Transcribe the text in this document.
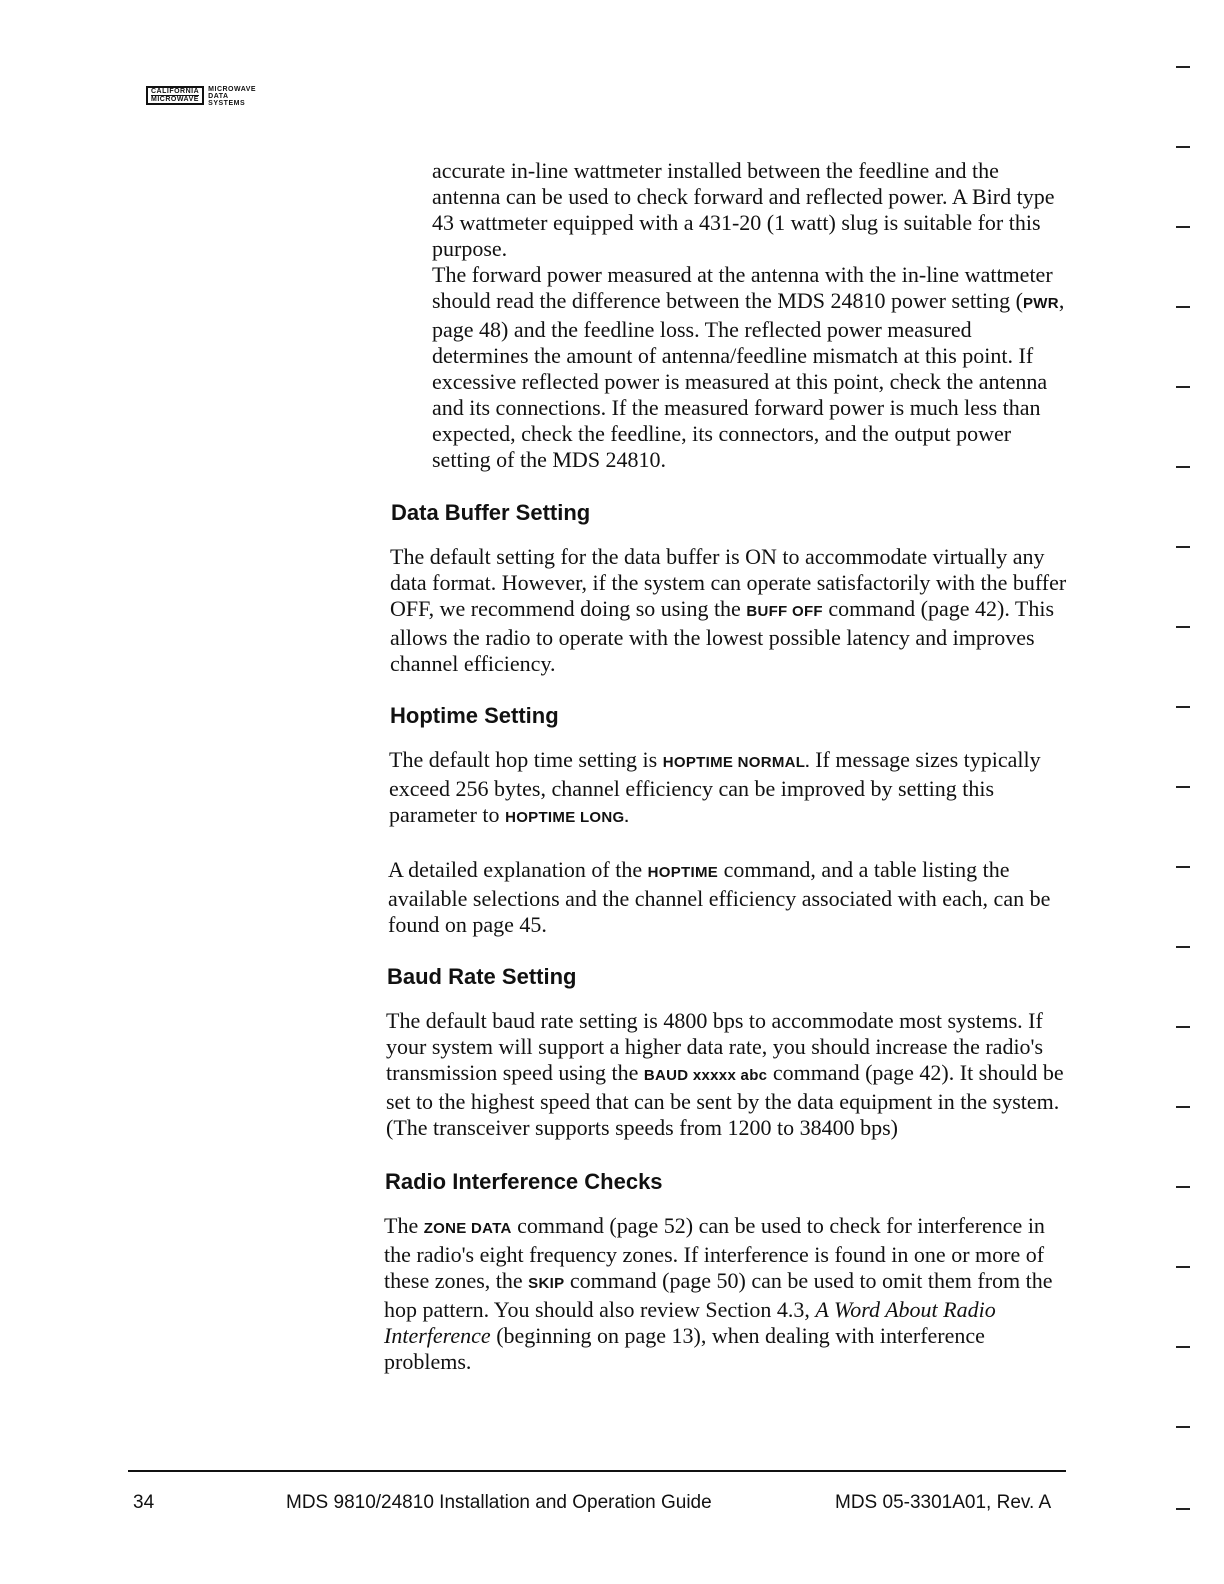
CALIFORNIA
MICROWAVE
MICROWAVE
DATA
SYSTEMS

accurate in-line wattmeter installed between the feedline and the antenna can be used to check forward and reflected power. A Bird type 43 wattmeter equipped with a 431-20 (1 watt) slug is suitable for this purpose.

The forward power measured at the antenna with the in-line wattmeter should read the difference between the MDS 24810 power setting (PWR, page 48) and the feedline loss. The reflected power measured determines the amount of antenna/feedline mismatch at this point. If excessive reflected power is measured at this point, check the antenna and its connections. If the measured forward power is much less than expected, check the feedline, its connectors, and the output power setting of the MDS 24810.

Data Buffer Setting

The default setting for the data buffer is ON to accommodate virtually any data format. However, if the system can operate satisfactorily with the buffer OFF, we recommend doing so using the BUFF OFF command (page 42). This allows the radio to operate with the lowest possible latency and improves channel efficiency.

Hoptime Setting

The default hop time setting is HOPTIME NORMAL. If message sizes typically exceed 256 bytes, channel efficiency can be improved by setting this parameter to HOPTIME LONG.

A detailed explanation of the HOPTIME command, and a table listing the available selections and the channel efficiency associated with each, can be found on page 45.

Baud Rate Setting

The default baud rate setting is 4800 bps to accommodate most systems. If your system will support a higher data rate, you should increase the radio's transmission speed using the BAUD xxxxx abc command (page 42). It should be set to the highest speed that can be sent by the data equipment in the system. (The transceiver supports speeds from 1200 to 38400 bps)

Radio Interference Checks

The ZONE DATA command (page 52) can be used to check for interference in the radio's eight frequency zones. If interference is found in one or more of these zones, the SKIP command (page 50) can be used to omit them from the hop pattern. You should also review Section 4.3, A Word About Radio Interference (beginning on page 13), when dealing with interference problems.

34	MDS 9810/24810 Installation and Operation Guide	MDS 05-3301A01, Rev. A
